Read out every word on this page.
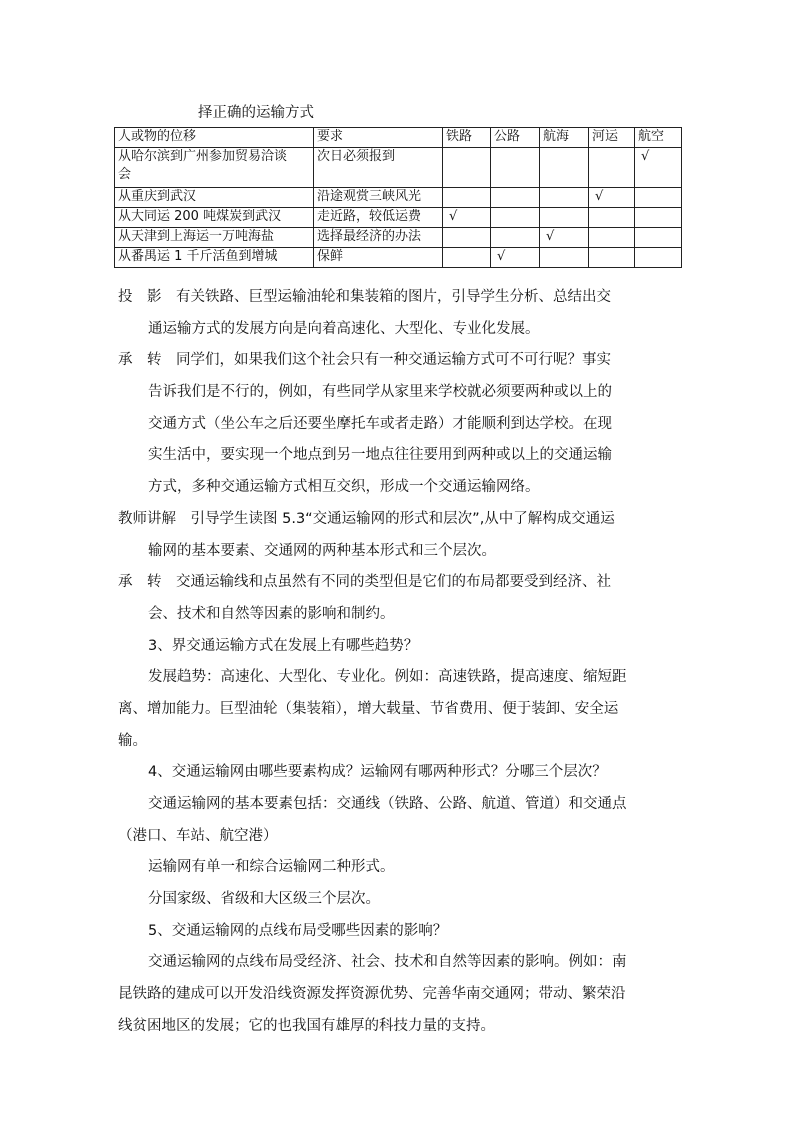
择正确的运输方式
人或物的位移	要求	铁路	公路	航海	河运	航空
从哈尔滨到广州参加贸易洽谈
会	次日必须报到					√
从重庆到武汉	沿途观赏三峡风光				√	
从大同运 200 吨煤炭到武汉	走近路，较低运费	√				
从天津到上海运一万吨海盐	选择最经济的办法			√		
从番禺运 1 千斤活鱼到增城	保鲜		√			
投　影　有关铁路、巨型运输油轮和集装箱的图片，引导学生分析、总结出交
通运输方式的发展方向是向着高速化、大型化、专业化发展。
承　转　同学们，如果我们这个社会只有一种交通运输方式可不可行呢？事实
告诉我们是不行的，例如，有些同学从家里来学校就必须要两种或以上的
交通方式（坐公车之后还要坐摩托车或者走路）才能顺利到达学校。在现
实生活中，要实现一个地点到另一地点往往要用到两种或以上的交通运输
方式，多种交通运输方式相互交织，形成一个交通运输网络。
教师讲解　引导学生读图 5.3“交通运输网的形式和层次”,从中了解构成交通运
输网的基本要素、交通网的两种基本形式和三个层次。
承　转　交通运输线和点虽然有不同的类型但是它们的布局都要受到经济、社
会、技术和自然等因素的影响和制约。
3、界交通运输方式在发展上有哪些趋势？
发展趋势：高速化、大型化、专业化。例如：高速铁路，提高速度、缩短距
离、增加能力。巨型油轮（集装箱），增大载量、节省费用、便于装卸、安全运
输。
4、交通运输网由哪些要素构成？运输网有哪两种形式？分哪三个层次？
交通运输网的基本要素包括：交通线（铁路、公路、航道、管道）和交通点
（港口、车站、航空港）
运输网有单一和综合运输网二种形式。
分国家级、省级和大区级三个层次。
5、交通运输网的点线布局受哪些因素的影响？
交通运输网的点线布局受经济、社会、技术和自然等因素的影响。例如：南
昆铁路的建成可以开发沿线资源发挥资源优势、完善华南交通网；带动、繁荣沿
线贫困地区的发展；它的也我国有雄厚的科技力量的支持。
